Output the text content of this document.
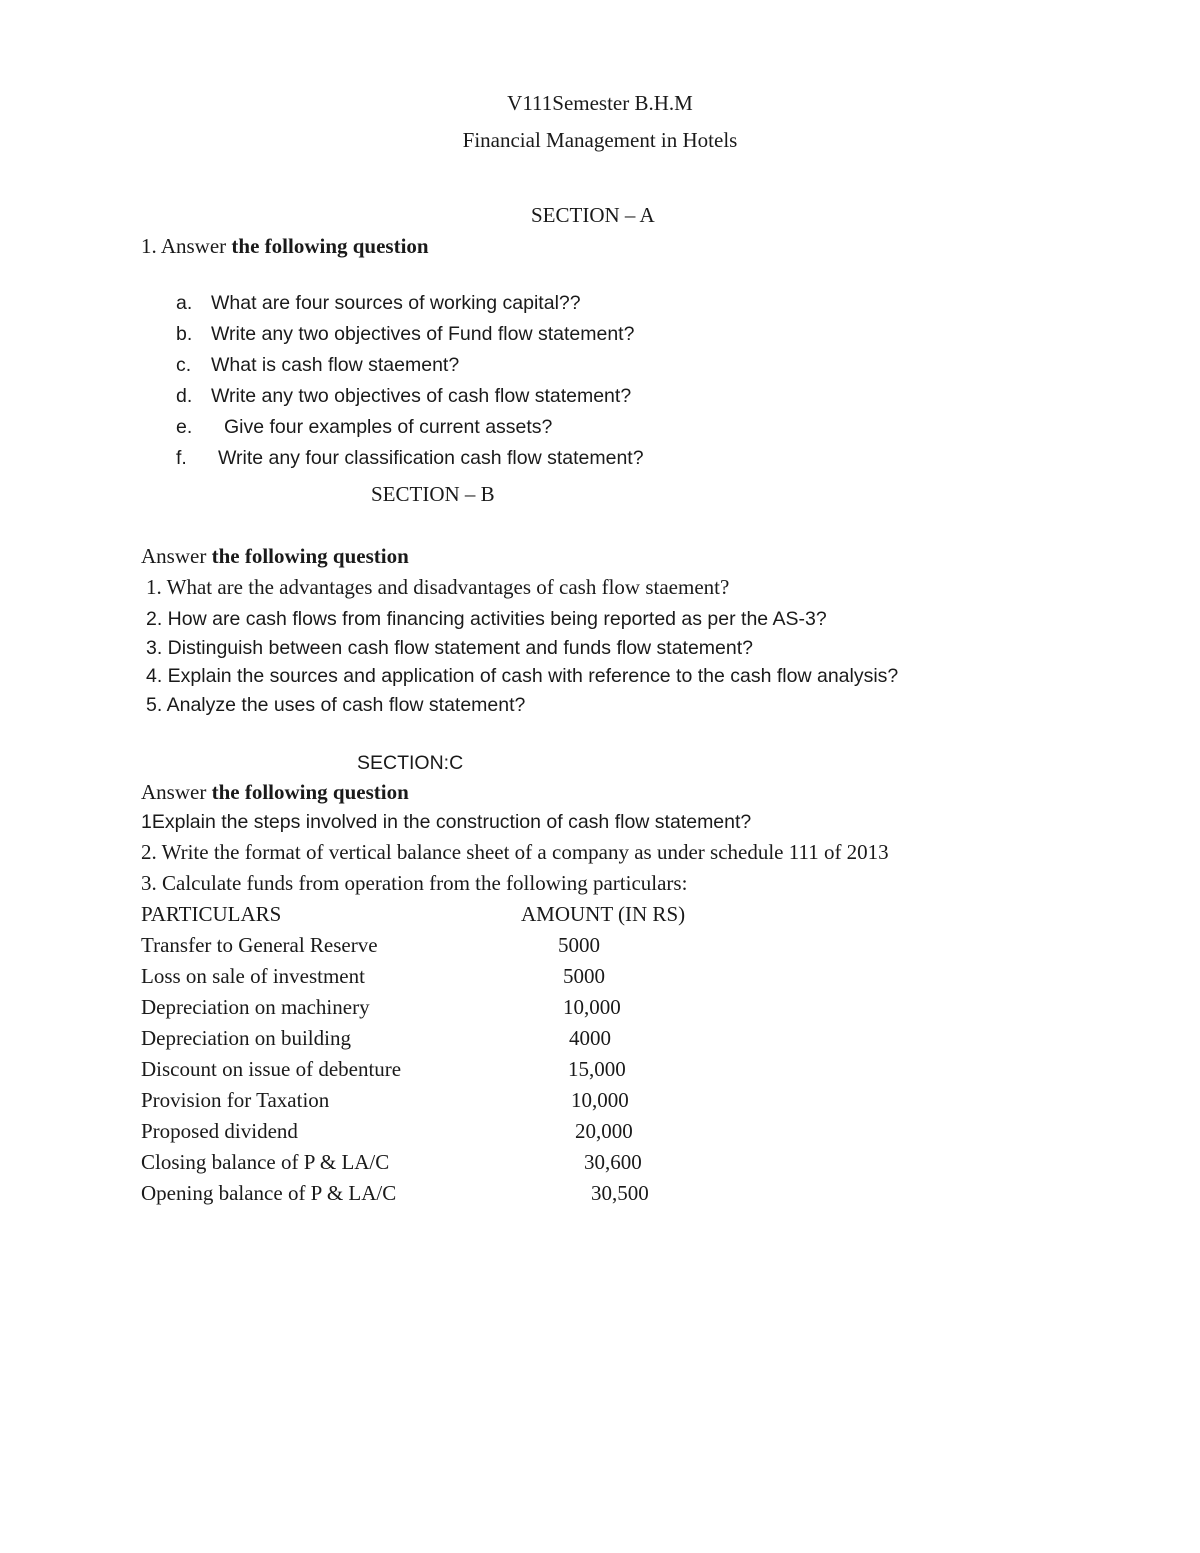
V111Semester B.H.M
Financial Management in Hotels
SECTION – A
1. Answer the following question

a. What are four sources of working capital??

b. Write any two objectives of Fund flow statement?

c. What is cash flow staement?

d. Write any two objectives of cash flow statement?

e. Give four examples of current assets?

f. Write any four classification cash flow statement?

SECTION – B
Answer the following question
1. What are the advantages and disadvantages of cash flow staement?
2. How are cash flows from financing activities being reported as per the AS-3?
3. Distinguish between cash flow statement and funds flow statement?
4. Explain the sources and application of cash with reference to the cash flow analysis?
5. Analyze the uses of cash flow statement?
SECTION:C
Answer the following question
1Explain the steps involved in the construction of cash flow statement?
2. Write the format of vertical balance sheet of a company as under schedule 111 of 2013
3. Calculate funds from operation from the following particulars:
PARTICULARS	AMOUNT (IN RS)
Transfer to General Reserve	5000
Loss on sale of investment	5000
Depreciation on machinery	10,000
Depreciation on building	4000
Discount on issue of debenture	15,000
Provision for Taxation	10,000
Proposed dividend	20,000
Closing balance of P & LA/C	30,600
Opening balance of P & LA/C	30,500
